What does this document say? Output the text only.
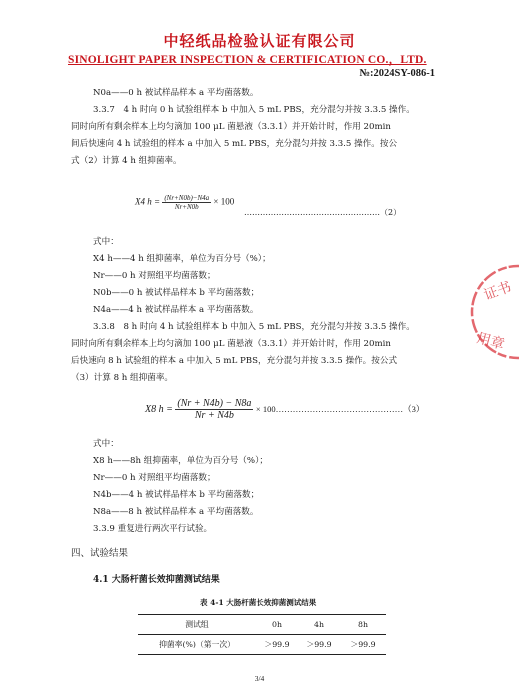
中轻纸品检验认证有限公司
SINOLIGHT PAPER INSPECTION & CERTIFICATION CO.，LTD.
№:2024SY-086-1
N0a——0 h 被试样品样本 a 平均菌落数。
3.3.7　4 h 时向 0 h 试验组样本 b 中加入 5 mL PBS，充分混匀并按 3.3.5 操作。
同时向所有剩余样本上均匀滴加 100 μL 菌悬液（3.3.1）并开始计时，作用 20min
间后快速向 4 h 试验组的样本 a 中加入 5 mL PBS，充分混匀并按 3.3.5 操作。按公
式（2）计算 4 h 组抑菌率。
X4 $h = \frac{(Nr+N0b)-N4a}{Nr+N0b} \times 100$
……………………………………………（2）
式中：
X4 h——4 h 组抑菌率，单位为百分号（%）；
Nr——0 h 对照组平均菌落数；
N0b——0 h 被试样品样本 b 平均菌落数；
N4a——4 h 被试样品样本 a 平均菌落数。
3.3.8　8 h 时向 4 h 试验组样本 b 中加入 5 mL PBS，充分混匀并按 3.3.5 操作。
同时向所有剩余样本上均匀滴加 100 μL 菌悬液（3.3.1）并开始计时，作用 20min
后快速向 8 h 试验组的样本 a 中加入 5 mL PBS，充分混匀并按 3.3.5 操作。按公式
（3）计算 8 h 组抑菌率。
X8 $h = \frac{(Nr + N4b) - N8a}{Nr + N4b}$ × 100………………………………………（3）
式中：
X8 h——8h 组抑菌率，单位为百分号（%）；
Nr——0 h 对照组平均菌落数；
N4b——4 h 被试样品样本 b 平均菌落数；
N8a——8 h 被试样品样本 a 平均菌落数。
3.3.9 重复进行两次平行试验。
四、试验结果
4.1 大肠杆菌长效抑菌测试结果
表 4-1 大肠杆菌长效抑菌测试结果
测试组	0h	4h	8h
抑菌率(%)（第一次）	＞99.9	＞99.9	＞99.9
3/4
证书
用章
